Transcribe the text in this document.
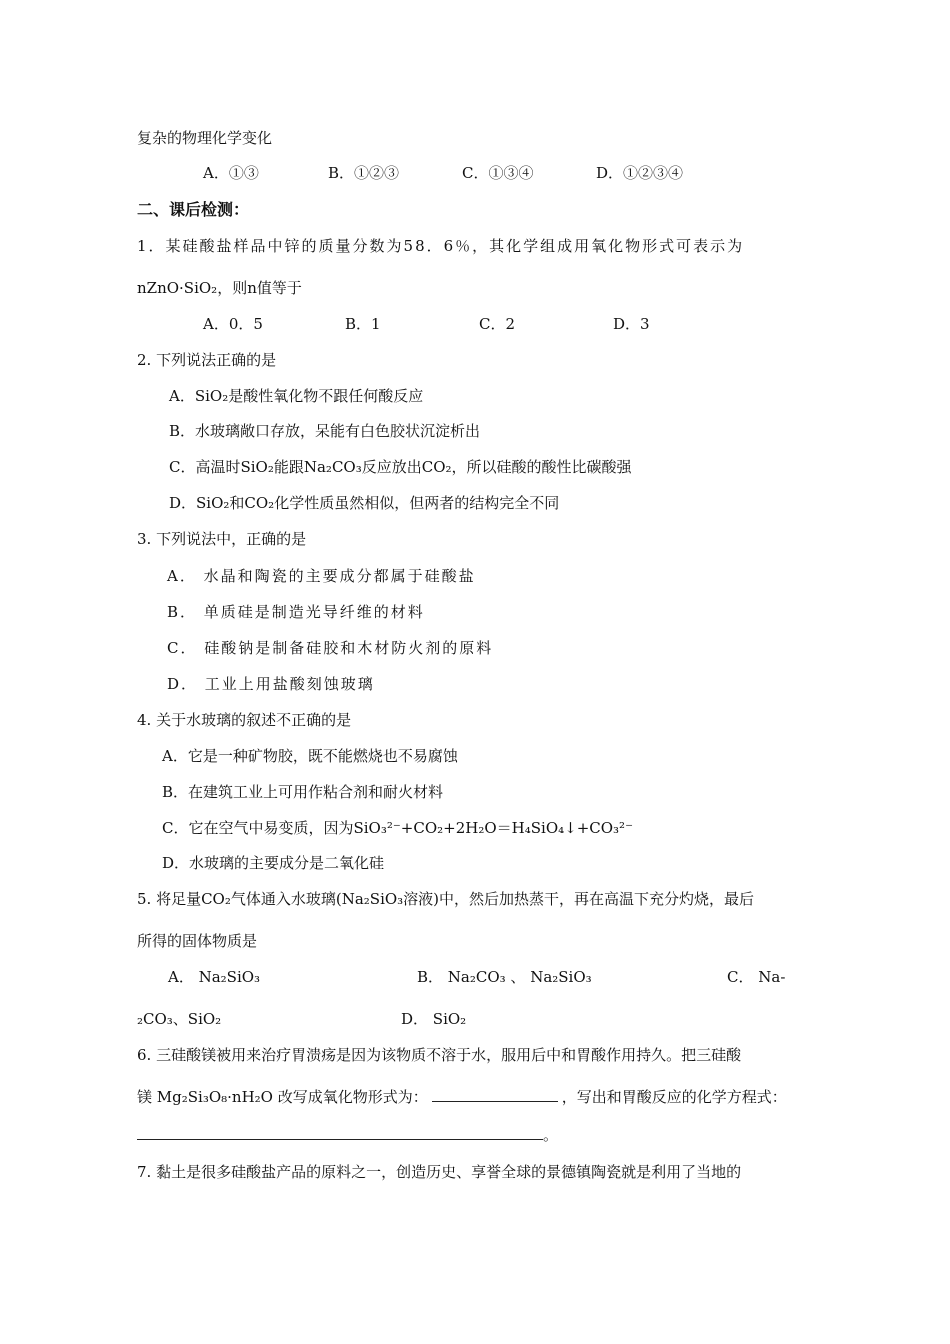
复杂的物理化学变化
A．①③	B．①②③	C．①③④	D．①②③④
二、课后检测：
1．某硅酸盐样品中锌的质量分数为58．6％，其化学组成用氧化物形式可表示为
nZnO·SiO₂，则n值等于
A．0．5	B．1	C．2	D．3
2. 下列说法正确的是
A．SiO₂是酸性氧化物不跟任何酸反应
B．水玻璃敞口存放，呆能有白色胶状沉淀析出
C．高温时SiO₂能跟Na₂CO₃反应放出CO₂，所以硅酸的酸性比碳酸强
D．SiO₂和CO₂化学性质虽然相似，但两者的结构完全不同
3. 下列说法中，正确的是
A． 水晶和陶瓷的主要成分都属于硅酸盐
B． 单质硅是制造光导纤维的材料
C． 硅酸钠是制备硅胶和木材防火剂的原料
D． 工业上用盐酸刻蚀玻璃
4. 关于水玻璃的叙述不正确的是
A．它是一种矿物胶，既不能燃烧也不易腐蚀
B．在建筑工业上可用作粘合剂和耐火材料
C．它在空气中易变质，因为SiO₃²⁻+CO₂+2H₂O＝H₄SiO₄↓+CO₃²⁻
D．水玻璃的主要成分是二氧化硅
5. 将足量CO₂气体通入水玻璃(Na₂SiO₃溶液)中，然后加热蒸干，再在高温下充分灼烧，最后
所得的固体物质是
A． Na₂SiO₃	B． Na₂CO₃ 、 Na₂SiO₃	C． Na-
₂CO₃、SiO₂	D． SiO₂
6. 三硅酸镁被用来治疗胃溃疡是因为该物质不溶于水，服用后中和胃酸作用持久。把三硅酸
镁 Mg₂Si₃O₈·nH₂O 改写成氧化物形式为：	，写出和胃酸反应的化学方程式：
。
7. 黏土是很多硅酸盐产品的原料之一，创造历史、享誉全球的景德镇陶瓷就是利用了当地的
